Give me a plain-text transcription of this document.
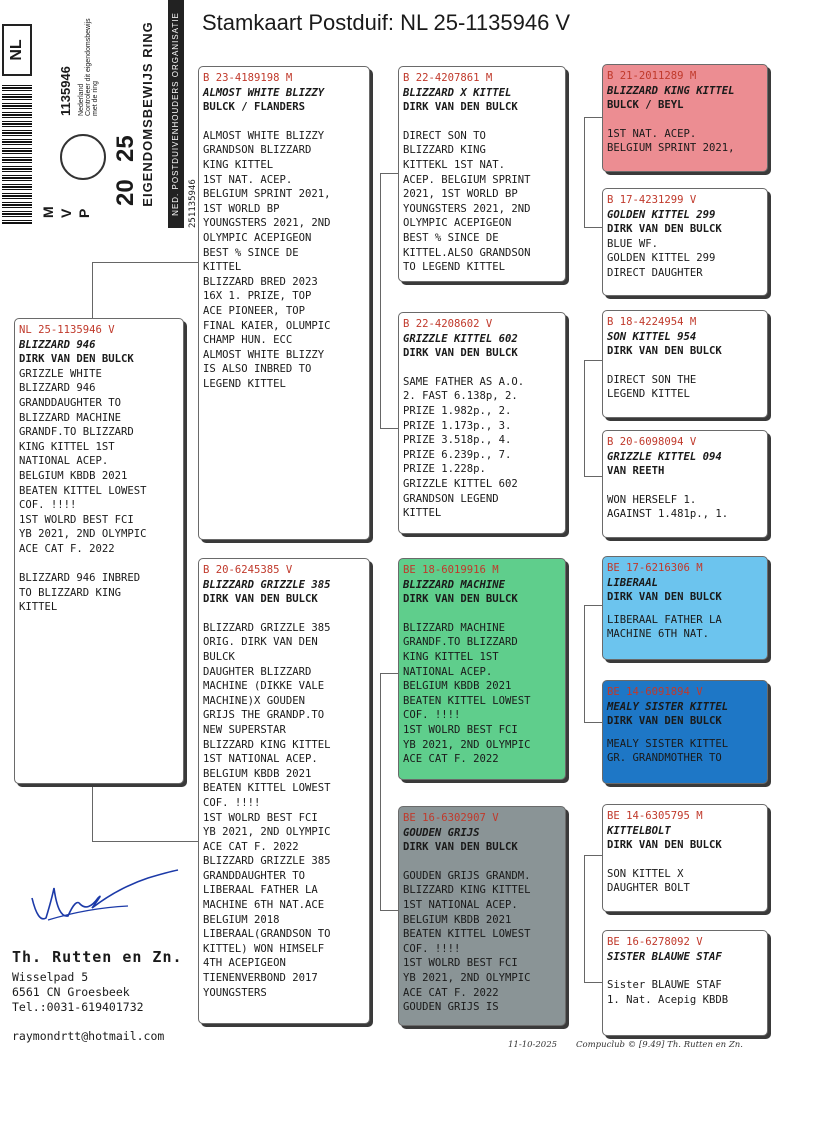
Stamkaart Postduif: NL 25-1135946 V
NL
M V P
1135946 Nederland Controleer dit eigendomsbewijs met de ring
20
25 EIGENDOMSBEWIJS RING	NED. POSTDUIVENHOUDERS ORGANISATIE 251135946
NL 25-1135946 V
BLIZZARD 946
DIRK VAN DEN BULCK
GRIZZLE WHITE
BLIZZARD 946
GRANDDAUGHTER TO
BLIZZARD MACHINE
GRANDF.TO BLIZZARD
KING KITTEL 1ST
NATIONAL ACEP.
BELGIUM KBDB 2021
BEATEN KITTEL LOWEST
COF. !!!!
1ST WOLRD BEST FCI
YB 2021, 2ND OLYMPIC
ACE CAT F. 2022

BLIZZARD 946 INBRED
TO BLIZZARD KING
KITTEL
B 23-4189198 M
ALMOST WHITE BLIZZY
BULCK / FLANDERS
ALMOST WHITE BLIZZY
GRANDSON BLIZZARD
KING KITTEL
1ST NAT. ACEP.
BELGIUM SPRINT 2021,
1ST WORLD BP
YOUNGSTERS 2021, 2ND
OLYMPIC ACEPIGEON
BEST % SINCE DE
KITTEL
BLIZZARD BRED 2023
16X 1. PRIZE, TOP
ACE PIONEER, TOP
FINAL KAIER, OLUMPIC
CHAMP HUN. ECC
ALMOST WHITE BLIZZY
IS ALSO INBRED TO
LEGEND KITTEL
B 20-6245385 V
BLIZZARD GRIZZLE 385
DIRK VAN DEN BULCK
BLIZZARD GRIZZLE 385
ORIG. DIRK VAN DEN
BULCK
DAUGHTER BLIZZARD
MACHINE (DIKKE VALE
MACHINE)X GOUDEN
GRIJS THE GRANDP.TO
NEW SUPERSTAR
BLIZZARD KING KITTEL
1ST NATIONAL ACEP.
BELGIUM KBDB 2021
BEATEN KITTEL LOWEST
COF. !!!!
1ST WOLRD BEST FCI
YB 2021, 2ND OLYMPIC
ACE CAT F. 2022
BLIZZARD GRIZZLE 385
GRANDDAUGHTER TO
LIBERAAL FATHER LA
MACHINE 6TH NAT.ACE
BELGIUM 2018
LIBERAAL(GRANDSON TO
KITTEL) WON HIMSELF
4TH ACEPIGEON
TIENENVERBOND 2017
YOUNGSTERS
B 22-4207861 M
BLIZZARD X KITTEL
DIRK VAN DEN BULCK
DIRECT SON TO
BLIZZARD KING
KITTEKL 1ST NAT.
ACEP. BELGIUM SPRINT
2021, 1ST WORLD BP
YOUNGSTERS 2021, 2ND
OLYMPIC ACEPIGEON
BEST % SINCE DE
KITTEL.ALSO GRANDSON
TO LEGEND KITTEL
B 22-4208602 V
GRIZZLE KITTEL 602
DIRK VAN DEN BULCK
SAME FATHER AS A.O.
2. FAST 6.138p, 2.
PRIZE 1.982p., 2.
PRIZE 1.173p., 3.
PRIZE 3.518p., 4.
PRIZE 6.239p., 7.
PRIZE 1.228p.
GRIZZLE KITTEL 602
GRANDSON LEGEND
KITTEL
BE 18-6019916 M
BLIZZARD MACHINE
DIRK VAN DEN BULCK
BLIZZARD MACHINE
GRANDF.TO BLIZZARD
KING KITTEL 1ST
NATIONAL ACEP.
BELGIUM KBDB 2021
BEATEN KITTEL LOWEST
COF. !!!!
1ST WOLRD BEST FCI
YB 2021, 2ND OLYMPIC
ACE CAT F. 2022
BE 16-6302907 V
GOUDEN GRIJS
DIRK VAN DEN BULCK
GOUDEN GRIJS GRANDM.
BLIZZARD KING KITTEL
1ST NATIONAL ACEP.
BELGIUM KBDB 2021
BEATEN KITTEL LOWEST
COF. !!!!
1ST WOLRD BEST FCI
YB 2021, 2ND OLYMPIC
ACE CAT F. 2022
GOUDEN GRIJS IS
B 21-2011289 M
BLIZZARD KING KITTEL
BULCK / BEYL
1ST NAT. ACEP.
BELGIUM SPRINT 2021,
B 17-4231299 V
GOLDEN KITTEL 299
DIRK VAN DEN BULCK
BLUE WF.
GOLDEN KITTEL 299
DIRECT DAUGHTER
B 18-4224954 M
SON KITTEL 954
DIRK VAN DEN BULCK
DIRECT SON THE
LEGEND KITTEL
B 20-6098094 V
GRIZZLE KITTEL 094
VAN REETH
WON HERSELF 1.
AGAINST 1.481p., 1.
BE 17-6216306 M
LIBERAAL
DIRK VAN DEN BULCK
LIBERAAL FATHER LA
MACHINE 6TH NAT.
BE 14-6091894 V
MEALY SISTER KITTEL
DIRK VAN DEN BULCK
MEALY SISTER KITTEL
GR. GRANDMOTHER TO
BE 14-6305795 M
KITTELBOLT
DIRK VAN DEN BULCK
SON KITTEL X
DAUGHTER BOLT
BE 16-6278092 V
SISTER BLAUWE STAF
Sister BLAUWE STAF
1. Nat. Acepig KBDB
Th. Rutten en Zn.
Wisselpad 5
6561 CN Groesbeek
Tel.:0031-619401732
raymondrtt@hotmail.com
11-10-2025 Compuclub © [9.49] Th. Rutten en Zn.
